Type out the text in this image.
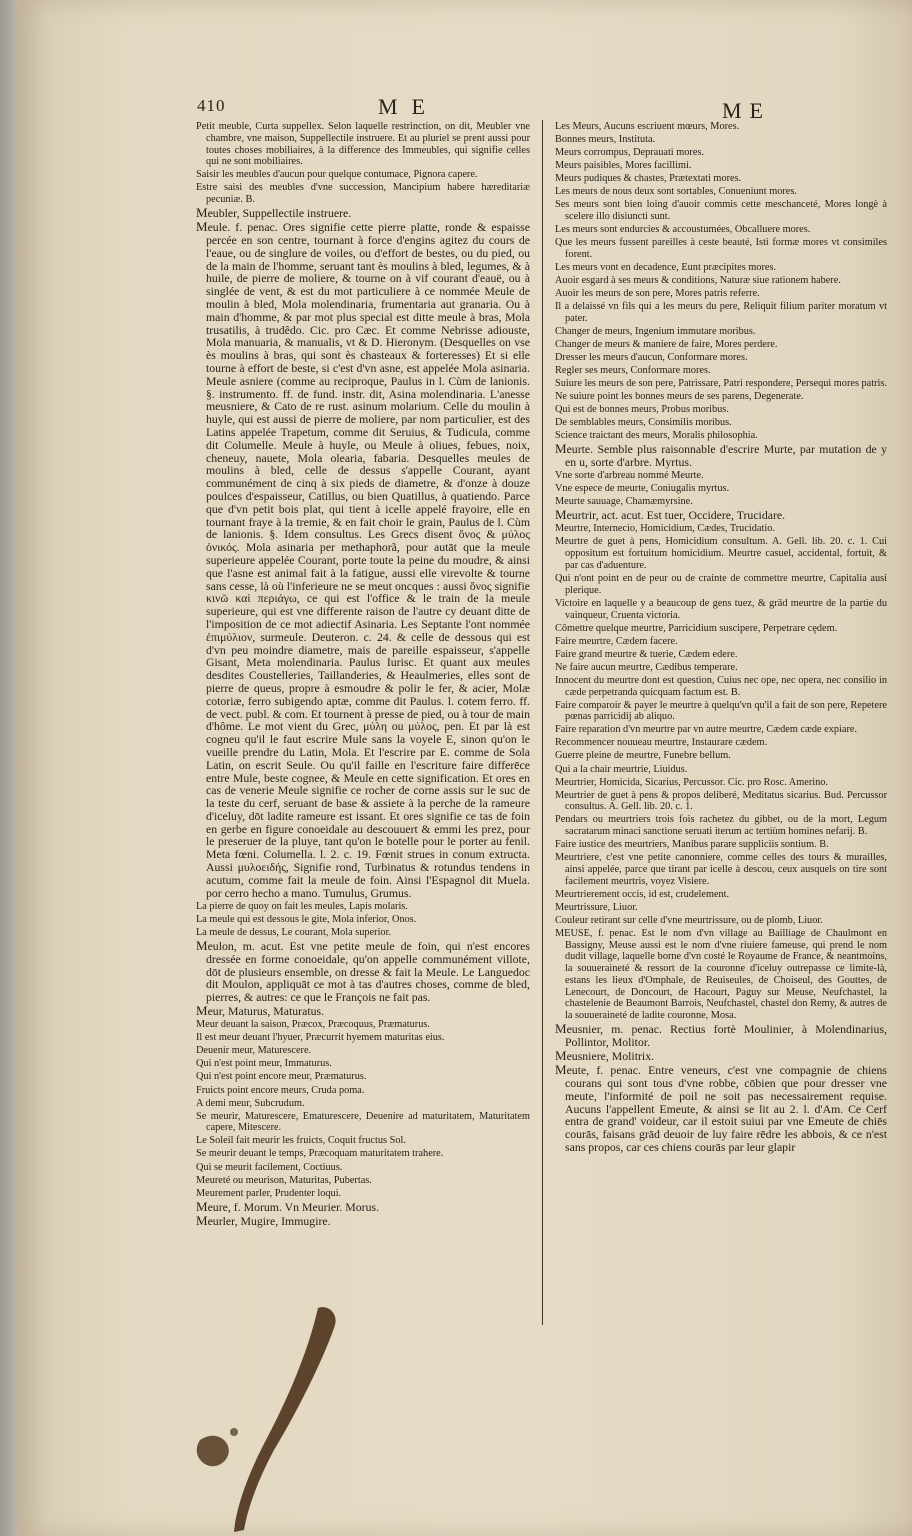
410	ME	ME
Petit meuble, Curta suppellex. Selon laquelle restrinction, on dit, Meubler vne chambre, vne maison, Suppellectile instruere. Et au pluriel se prent aussi pour toutes choses mobiliaires, à la difference des Immeubles, qui signifie celles qui ne sont mobiliaires.
Saisir les meubles d'aucun pour quelque contumace, Pignora capere.
Estre saisi des meubles d'vne succession, Mancipium habere hæreditariæ pecuniæ. B.
Meubler, Suppellectile instruere.
Meule. f. penac. Ores signifie cette pierre platte, ronde & espaisse percée en son centre, tournant à force d'engins agitez du cours de l'eaue, ou de singlure de voiles, ou d'effort de bestes, ou du pied, ou de la main de l'homme, seruant tant ès moulins à bled, legumes, & à huile, de pierre de moliere, & tourne on à vif courant d'eauë, ou à singlée de vent, & est du mot particuliere à ce nommée Meule de moulin à bled, Mola molendinaria, frumentaria aut granaria. Ou à main d'homme, & par mot plus special est ditte meule à bras, Mola trusatilis, à trudêdo. Cic. pro Cæc. Et comme Nebrisse adiouste, Mola manuaria, & manualis, vt & D. Hieronym. (Desquelles on vse ès moulins à bras, qui sont ès chasteaux & forteresses) Et si elle tourne à effort de beste, si c'est d'vn asne, est appelée Mola asinaria. Meule asniere (comme au reciproque, Paulus in l. Cùm de lanionis. §. instrumento. ff. de fund. instr. dit, Asina molendinaria. L'anesse meusniere, & Cato de re rust. asinum molarium. Celle du moulin à huyle, qui est aussi de pierre de moliere, par nom particulier, est des Latins appelée Trapetum, comme dit Seruius, & Tudicula, comme dit Columelle. Meule à huyle, ou Meule à oliues, febues, noix, cheneuy, nauete, Mola olearia, fabaria. Desquelles meules de moulins à bled, celle de dessus s'appelle Courant, ayant communément de cinq à six pieds de diametre, & d'onze à douze poulces d'espaisseur, Catillus, ou bien Quatillus, à quatiendo. Parce que d'vn petit bois plat, qui tient à icelle appelé frayoire, elle en tournant fraye à la tremie, & en fait choir le grain, Paulus de l. Cùm de lanionis. §. Idem consultus. Les Grecs disent ὄνος & μύλος ὀνικός. Mola asinaria per methaphorã, pour autāt que la meule superieure appelée Courant, porte toute la peine du moudre, & ainsi que l'asne est animal fait à la fatigue, aussi elle virevolte & tourne sans cesse, là où l'inferieure ne se meut oncques : aussi ὄνος signifie κινῶ καὶ περιάγω, ce qui est l'office & le train de la meule superieure, qui est vne differente raison de l'autre cy deuant ditte de l'imposition de ce mot adiectif Asinaria. Les Septante l'ont nommée ἐπιμύλιον, surmeule. Deuteron. c. 24. & celle de dessous qui est d'vn peu moindre diametre, mais de pareille espaisseur, s'appelle Gisant, Meta molendinaria. Paulus Iurisc. Et quant aux meules desdites Coustelleries, Taillanderies, & Heaulmeries, elles sont de pierre de queus, propre à esmoudre & polir le fer, & acier, Molæ cotoriæ, ferro subigendo aptæ, comme dit Paulus. l. cotem ferro. ff. de vect. publ. & com. Et tournent à presse de pied, ou à tour de main d'hôme. Le mot vient du Grec, μύλη ou μύλος, pen. Et par là est cogneu qu'il le faut escrire Mule sans la voyele E, sinon qu'on le vueille prendre du Latin, Mola. Et l'escrire par E. comme de Sola Latin, on escrit Seule. Ou qu'il faille en l'escriture faire differēce entre Mule, beste cognee, & Meule en cette signification. Et ores en cas de venerie Meule signifie ce rocher de corne assis sur le suc de la teste du cerf, seruant de base & assiete à la perche de la rameure d'iceluy, dōt ladite rameure est issant. Et ores signifie ce tas de foin en gerbe en figure conoeidale au descouuert & emmi les prez, pour le preseruer de la pluye, tant qu'on le botelle pour le porter au fenil. Meta fœni. Columella. l. 2. c. 19. Fœnit strues in conum extructa. Aussi μυλοειδής, Signifie rond, Turbinatus & rotundus tendens in acutum, comme fait la meule de foin. Ainsi l'Espagnol dit Muela. por cerro hecho a mano. Tumulus, Grumus.
La pierre de quoy on fait les meules, Lapis molaris.
La meule qui est dessous le gite, Mola inferior, Onos.
La meule de dessus, Le courant, Mola superior.
Meulon, m. acut. Est vne petite meule de foin, qui n'est encores dressée en forme conoeidale, qu'on appelle communément villote, dōt de plusieurs ensemble, on dresse & fait la Meule. Le Languedoc dit Moulon, appliquāt ce mot à tas d'autres choses, comme de bled, pierres, & autres: ce que le François ne fait pas.
Meur, Maturus, Maturatus.
Meur deuant la saison, Præcox, Præcoquus, Præmaturus.
Il est meur deuant l'hyuer, Præcurrit hyemem maturitas eius.
Deuenir meur, Maturescere.
Qui n'est point meur, Immaturus.
Qui n'est point encore meur, Præmaturus.
Fruicts point encore meurs, Cruda poma.
A demi meur, Subcrudum.
Se meurir, Maturescere, Ematurescere, Deuenire ad maturitatem, Maturitatem capere, Mitescere.
Le Soleil fait meurir les fruicts, Coquit fructus Sol.
Se meurir deuant le temps, Præcoquam maturitatem trahere.
Qui se meurit facilement, Coctiuus.
Meureté ou meurison, Maturitas, Pubertas.
Meurement parler, Prudenter loqui.
Meure, f. Morum. Vn Meurier. Morus.
Meurler, Mugire, Immugire.
Les Meurs, Aucuns escriuent mœurs, Mores.
Bonnes meurs, Instituta.
Meurs corrompus, Deprauati mores.
Meurs paisibles, Mores facillimi.
Meurs pudiques & chastes, Prætextati mores.
Les meurs de nous deux sont sortables, Conueniunt mores.
Ses meurs sont bien loing d'auoir commis cette meschanceté, Mores longè à scelere illo disiuncti sunt.
Les meurs sont endurcies & accoustumées, Obcalluere mores.
Que les meurs fussent pareilles à ceste beauté, Isti formæ mores vt consimiles forent.
Les meurs vont en decadence, Eunt præcipites mores.
Auoir esgard à ses meurs & conditions, Naturæ siue rationem habere.
Auoir les meurs de son pere, Mores patris referre.
Il a delaissé vn fils qui a les meurs du pere, Reliquit filium pariter moratum vt pater.
Changer de meurs, Ingenium immutare moribus.
Changer de meurs & maniere de faire, Mores perdere.
Dresser les meurs d'aucun, Conformare mores.
Regler ses meurs, Conformare mores.
Suiure les meurs de son pere, Patrissare, Patri respondere, Persequi mores patris.
Ne suiure point les bonnes meurs de ses parens, Degenerate.
Qui est de bonnes meurs, Probus moribus.
De semblables meurs, Consimilis moribus.
Science traictant des meurs, Moralis philosophia.
Meurte. Semble plus raisonnable d'escrire Murte, par mutation de y en u, sorte d'arbre. Myrtus.
Vne sorte d'arbreau nommé Meurte.
Vne espece de meurte, Coniugalis myrtus.
Meurte sauuage, Chamæmyrsine.
Meurtrir, act. acut. Est tuer, Occidere, Trucidare.
Meurtre, Internecio, Homicidium, Cædes, Trucidatio.
Meurtre de guet à pens, Homicidium consultum. A. Gell. lib. 20. c. 1. Cui oppositum est fortuitum homicidium. Meurtre casuel, accidental, fortuit, & par cas d'aduenture.
Qui n'ont point en de peur ou de crainte de commettre meurtre, Capitalia ausi plerique.
Victoire en laquelle y a beaucoup de gens tuez, & grād meurtre de la partie du vainqueur, Cruenta victoria.
Cōmettre quelque meurtre, Parricidium suscipere, Perpetrare cędem.
Faire meurtre, Cædem facere.
Faire grand meurtre & tuerie, Cædem edere.
Ne faire aucun meurtre, Cædibus temperare.
Innocent du meurtre dont est question, Cuius nec ope, nec opera, nec consilio in cæde perpetranda quicquam factum est. B.
Faire comparoir & payer le meurtre à quelqu'vn qu'il a fait de son pere, Repetere pœnas parricidij ab aliquo.
Faire reparation d'vn meurtre par vn autre meurtre, Cædem cæde expiare.
Recommencer nouueau meurtre, Instaurare cædem.
Guerre pleine de meurtre, Funebre bellum.
Qui a la chair meurtrie, Liuidus.
Meurtrier, Homicida, Sicarius, Percussor. Cic. pro Rosc. Amerino.
Meurtrier de guet à pens & propos deliberé, Meditatus sicarius. Bud. Percussor consultus. A. Gell. lib. 20. c. 1.
Pendars ou meurtriers trois fois rachetez du gibbet, ou de la mort, Legum sacratarum minaci sanctione seruati iterum ac tertiùm homines nefarij. B.
Faire iustice des meurtriers, Manibus parare suppliciis sontium. B.
Meurtriere, c'est vne petite canonniere, comme celles des tours & murailles, ainsi appelée, parce que tirant par icelle à descou, ceux ausquels on tire sont facilement meurtris, voyez Visiere.
Meurtrierement occis, id est, crudelement.
Meurtrissure, Liuor.
Couleur retirant sur celle d'vne meurtrissure, ou de plomb, Liuor.
MEUSE, f. penac. Est le nom d'vn village au Bailliage de Chaulmont en Bassigny, Meuse aussi est le nom d'vne riuiere fameuse, qui prend le nom dudit village, laquelle borne d'vn costé le Royaume de France, & neantmoins, la souueraineté & ressort de la couronne d'iceluy outrepasse ce limite-là, estans les lieux d'Omphale, de Reuiseules, de Choiseul, des Gouttes, de Lenecourt, de Doncourt, de Hacourt, Paguy sur Meuse, Neufchastel, la chastelenie de Beaumont Barrois, Neufchastel, chastel don Remy, & autres de la souueraineté de ladite couronne, Mosa.
Meusnier, m. penac. Rectius fortè Moulinier, à Molendinarius, Pollintor, Molitor.
Meusniere, Molitrix.
Meute, f. penac. Entre veneurs, c'est vne compagnie de chiens courans qui sont tous d'vne robbe, cōbien que pour dresser vne meute, l'informité de poil ne soit pas necessairement requise. Aucuns l'appellent Emeute, & ainsi se lit au 2. l. d'Am. Ce Cerf entra de grand' voideur, car il estoit suiui par vne Emeute de chiēs courās, faisans grād deuoir de luy faire rēdre les abbois, & ce n'est sans propos, car ces chiens courās par leur glapir
